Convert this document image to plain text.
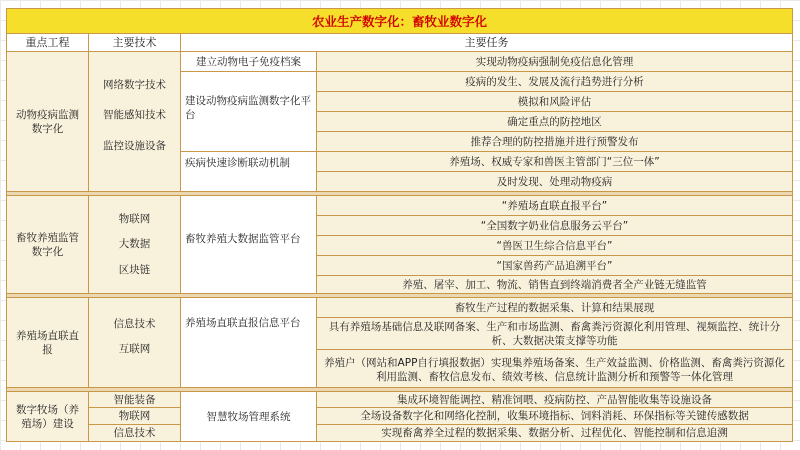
农业生产数字化：畜牧业数字化
重点工程	主要技术	主要任务
动物疫病监测数字化
网络数字技术
智能感知技术
监控设施设备
建立动物电子免疫档案
建设动物疫病监测数字化平台
疾病快速诊断联动机制
实现动物疫病强制免疫信息化管理
疫病的发生、发展及流行趋势进行分析
模拟和风险评估
确定重点的防控地区
推荐合理的防控措施并进行预警发布
养殖场、权威专家和兽医主管部门“三位一体”
及时发现、处理动物疫病
畜牧养殖监管数字化
物联网
大数据
区块链
畜牧养殖大数据监管平台
“养殖场直联直报平台”
“全国数字奶业信息服务云平台”
“兽医卫生综合信息平台”
“国家兽药产品追溯平台”
养殖、屠宰、加工、物流、销售直到终端消费者全产业链无缝监管
养殖场直联直报
信息技术
互联网
养殖场直联直报信息平台
畜牧生产过程的数据采集、计算和结果展现
具有养殖场基础信息及联网备案、生产和市场监测、畜禽粪污资源化利用管理、视频监控、统计分析、大数据决策支撑等功能
养殖户（网站和APP自行填报数据）实现集养殖场备案、生产效益监测、价格监测、畜禽粪污资源化利用监测、畜牧信息发布、绩效考核、信息统计监测分析和预警等一体化管理
数字牧场（养殖场）建设
智能装备
物联网
信息技术
智慧牧场管理系统
集成环境智能调控、精准饲喂、疫病防控、产品智能收集等设施设备
全场设备数字化和网络化控制，收集环境指标、饲料消耗、环保指标等关键传感数据
实现畜禽养全过程的数据采集、数据分析、过程优化、智能控制和信息追溯
